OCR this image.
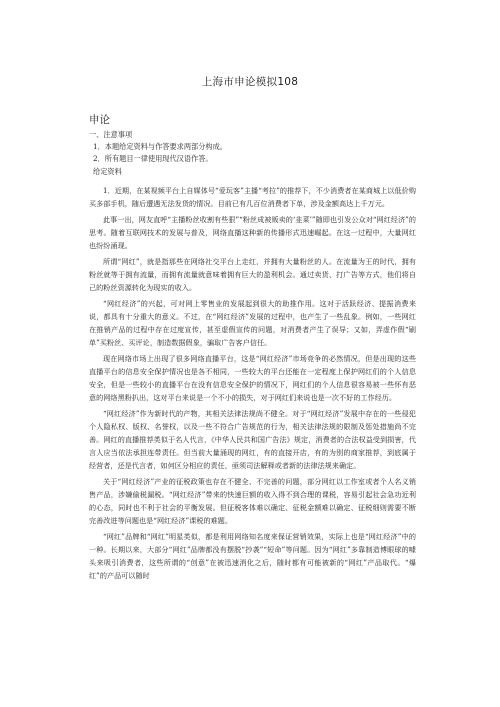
上海市申论模拟108
申论
一、注意事项
1．本题给定资料与作答要求两部分构成。
2．所有题目一律使用现代汉语作答。
给定资料

1．近期，在某视频平台上自媒体号“爱玩客”主播“考拉”的推荐下，不少消费者在某商城上以低价购买多部手机，随后遭遇无法发货的情况。目前已有几百位消费者下单，涉及金额高达上千万元。

此事一出，网友直呼“主播粉丝收割有些狠”“粉丝成被贩卖的‘韭菜’”随即也引发公众对“网红经济”的思考。随着互联网技术的发展与普及，网络直播这种新的传播形式迅速崛起。在这一过程中，大量网红也纷纷涌现。

所谓“网红”，就是指那些在网络社交平台上走红，并拥有大量粉丝的人。在流量为王的时代，拥有粉丝就等于拥有流量，而拥有流量就意味着拥有巨大的盈利机会。通过卖货、打广告等方式，他们将自己的粉丝资源转化为现实的收入。

“网红经济”的兴起，可对网上零售业的发展起到很大的助推作用。这对于活跃经济、提振消费来说，都具有十分重大的意义。不过，在“网红经济”发展的过程中，也产生了一些乱象。例如，一些网红在推销产品的过程中存在过度宣传，甚至虚假宣传的问题，对消费者产生了误导；又如，弄虚作假“刷单”买粉丝、买评论，制造数据假象，骗取广告客户信任。

现在网络市场上出现了很多网络直播平台，这是“网红经济”市场竞争的必然情况，但是出现的这些直播平台的信息安全保护情况也是各不相同，一些较大的平台还能在一定程度上保护网红们的个人信息安全，但是一些较小的直播平台在没有信息安全保护的情况下，网红们的个人信息很容易被一些怀有恶意的网络黑粉扒出，这对平台来说是一个不小的损失，对于网红们来说也是一次不好的工作经历。

“网红经济”作为新时代的产物，其相关法律法规尚不健全。对于“网红经济”发展中存在的一些侵犯个人隐私权、版权、名誉权，以及一些不符合广告规范的行为，相关法律法规的限制及惩处措施尚不完善。网红的直播推荐类似于名人代言，《中华人民共和国广告法》规定，消费者的合法权益受到损害，代言人应当依法承担连带责任。但当前大量涌现的网红，有的直接开店，有的为别的商家推荐，到底属于经营者，还是代言者，如何区分相应的责任，亟须司法解释或者新的法律法规来确定。

关于“网红经济”产业的征税政策也存在不健全、不完善的问题，部分网红以工作室或者个人名义销售产品，涉嫌偷税漏税。“网红经济”带来的快速巨额的收入得不到合理的课税，容易引起社会急功近利的心态，同时也不利于社会的平衡发展。但征税客体难以确定、征税金额难以确定、征税细则需要不断完善改进等问题也是“网红经济”课税的难题。

“网红”品牌和“网红”明星类似，都是利用网络知名度来保证营销效果，实际上也是“网红经济”中的一种。长期以来，大部分“网红”品牌都没有摆脱“抄袭”“短命”等问题。因为“网红”多靠制造博眼球的噱头来吸引消费者，这些所谓的“创意”在被迅速消化之后，随时都有可能被新的“网红”产品取代。“爆红”的产品可以随时
